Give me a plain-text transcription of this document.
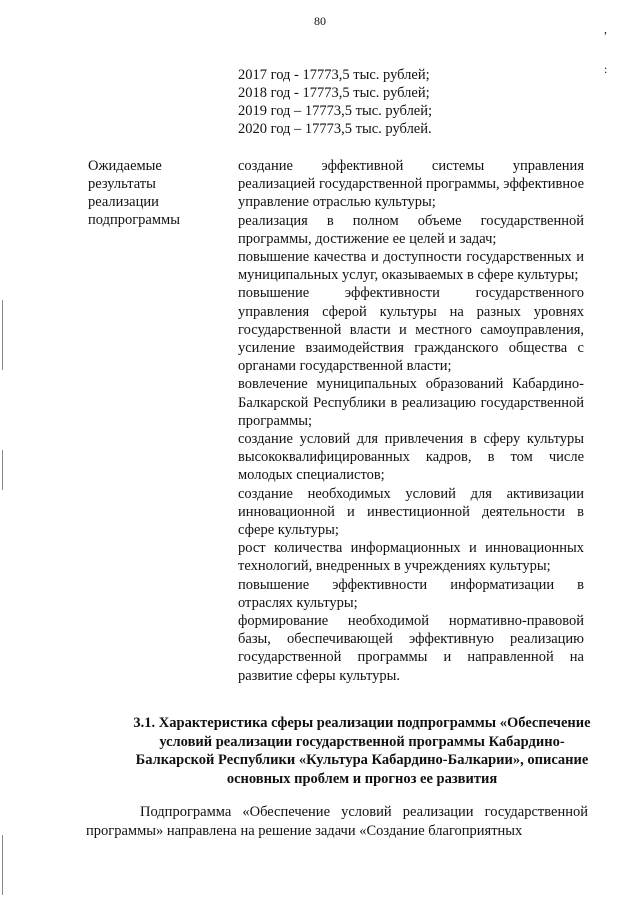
80
,
:
2017 год - 17773,5 тыс. рублей;
2018 год - 17773,5 тыс. рублей;
2019 год – 17773,5 тыс. рублей;
2020 год – 17773,5 тыс. рублей.
Ожидаемые результаты реализации подпрограммы

создание эффективной системы управления реализацией государственной программы, эффективное управление отраслью культуры;

реализация в полном объеме государственной программы, достижение ее целей и задач;

повышение качества и доступности государственных и муниципальных услуг, оказываемых в сфере культуры;

повышение эффективности государственного управления сферой культуры на разных уровнях государственной власти и местного самоуправления, усиление взаимодействия гражданского общества с органами государственной власти;

вовлечение муниципальных образований Кабардино-Балкарской Республики в реализацию государственной программы;

создание условий для привлечения в сферу культуры высококвалифицированных кадров, в том числе молодых специалистов;

создание необходимых условий для активизации инновационной и инвестиционной деятельности в сфере культуры;

рост количества информационных и инновационных технологий, внедренных в учреждениях культуры;

повышение эффективности информатизации в отраслях культуры;

формирование необходимой нормативно-правовой базы, обеспечивающей эффективную реализацию государственной программы и направленной на развитие сферы культуры.

3.1. Характеристика сферы реализации подпрограммы «Обеспечение условий реализации государственной программы Кабардино-Балкарской Республики «Культура Кабардино-Балкарии», описание основных проблем и прогноз ее развития

Подпрограмма «Обеспечение условий реализации государственной программы» направлена на решение задачи «Создание благоприятных
